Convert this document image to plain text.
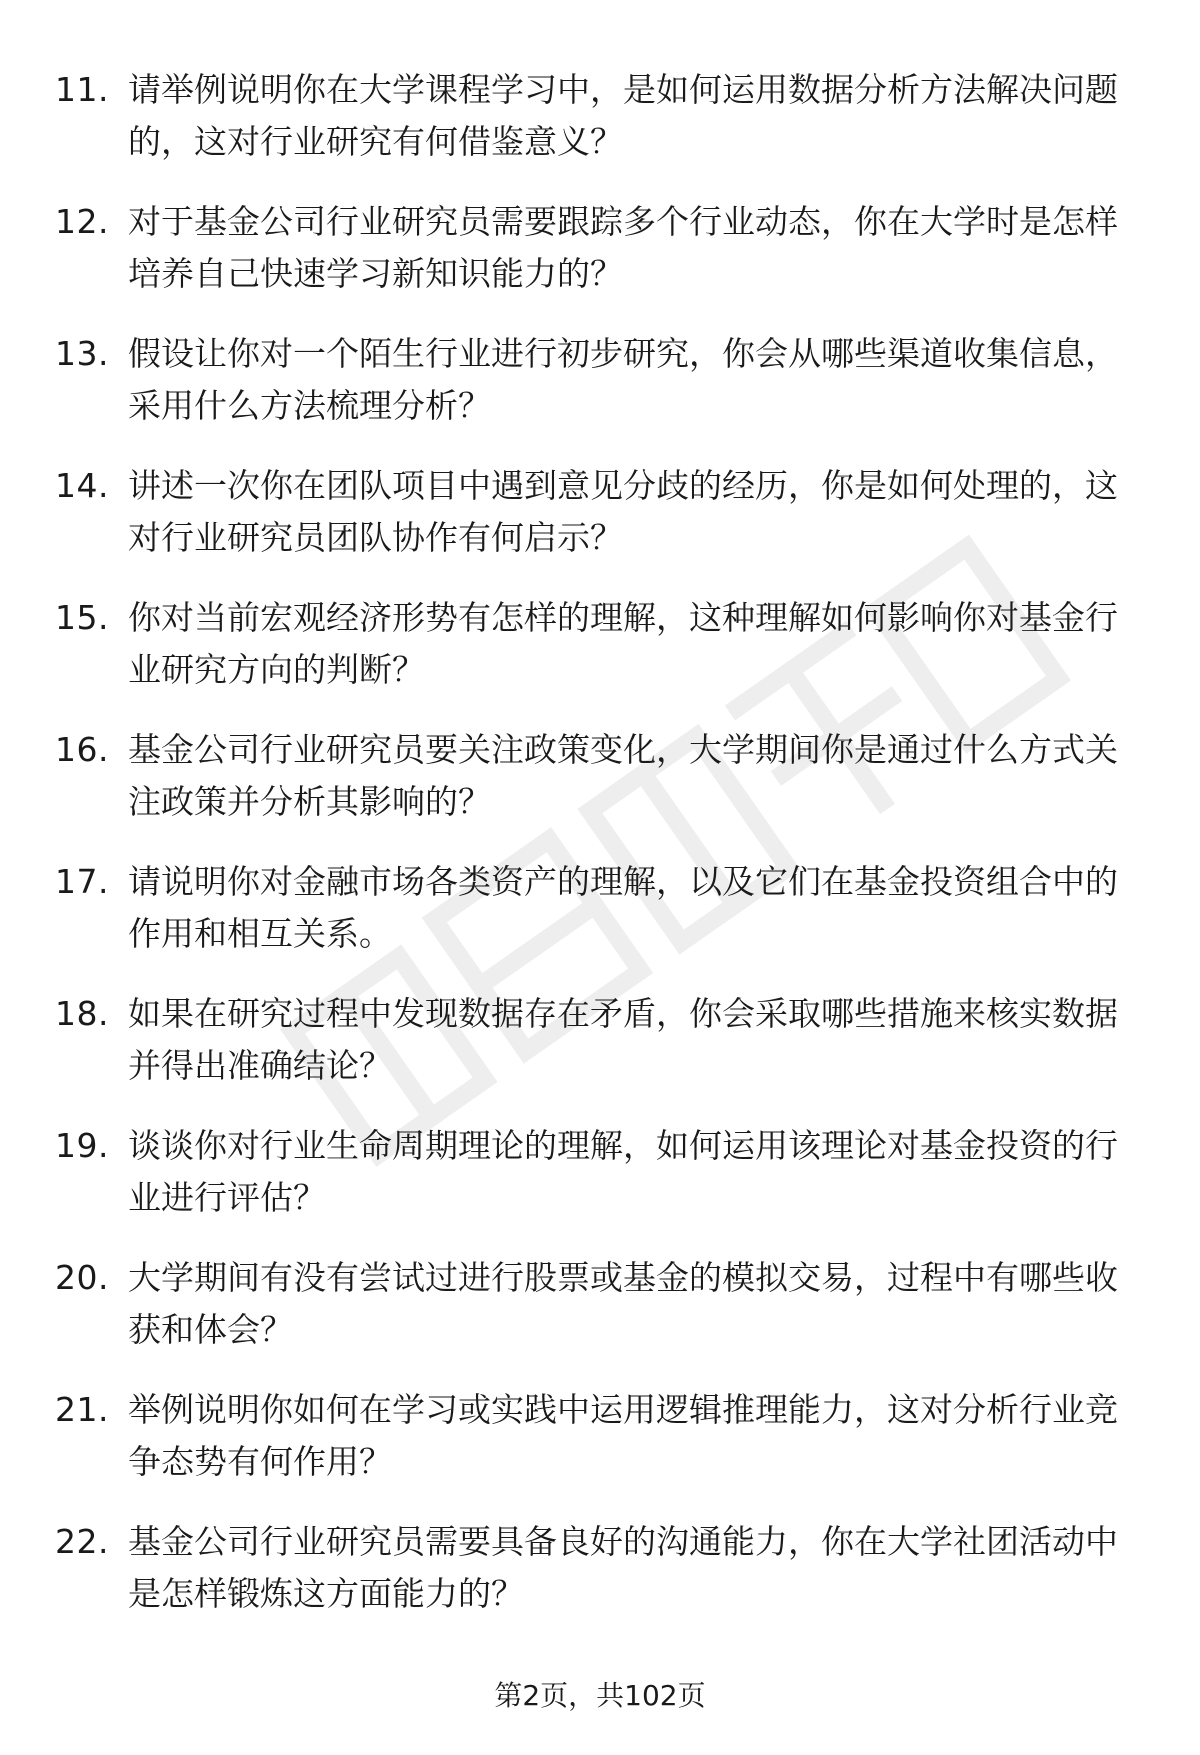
11. 请举例说明你在大学课程学习中，是如何运用数据分析方法解决问题的，这对行业研究有何借鉴意义？
12. 对于基金公司行业研究员需要跟踪多个行业动态，你在大学时是怎样培养自己快速学习新知识能力的？
13. 假设让你对一个陌生行业进行初步研究，你会从哪些渠道收集信息，采用什么方法梳理分析？
14. 讲述一次你在团队项目中遇到意见分歧的经历，你是如何处理的，这对行业研究员团队协作有何启示？
15. 你对当前宏观经济形势有怎样的理解，这种理解如何影响你对基金行业研究方向的判断？
16. 基金公司行业研究员要关注政策变化，大学期间你是通过什么方式关注政策并分析其影响的？
17. 请说明你对金融市场各类资产的理解，以及它们在基金投资组合中的作用和相互关系。
18. 如果在研究过程中发现数据存在矛盾，你会采取哪些措施来核实数据并得出准确结论？
19. 谈谈你对行业生命周期理论的理解，如何运用该理论对基金投资的行业进行评估？
20. 大学期间有没有尝试过进行股票或基金的模拟交易，过程中有哪些收获和体会？
21. 举例说明你如何在学习或实践中运用逻辑推理能力，这对分析行业竞争态势有何作用？
22. 基金公司行业研究员需要具备良好的沟通能力，你在大学社团活动中是怎样锻炼这方面能力的？
第2页，共102页
